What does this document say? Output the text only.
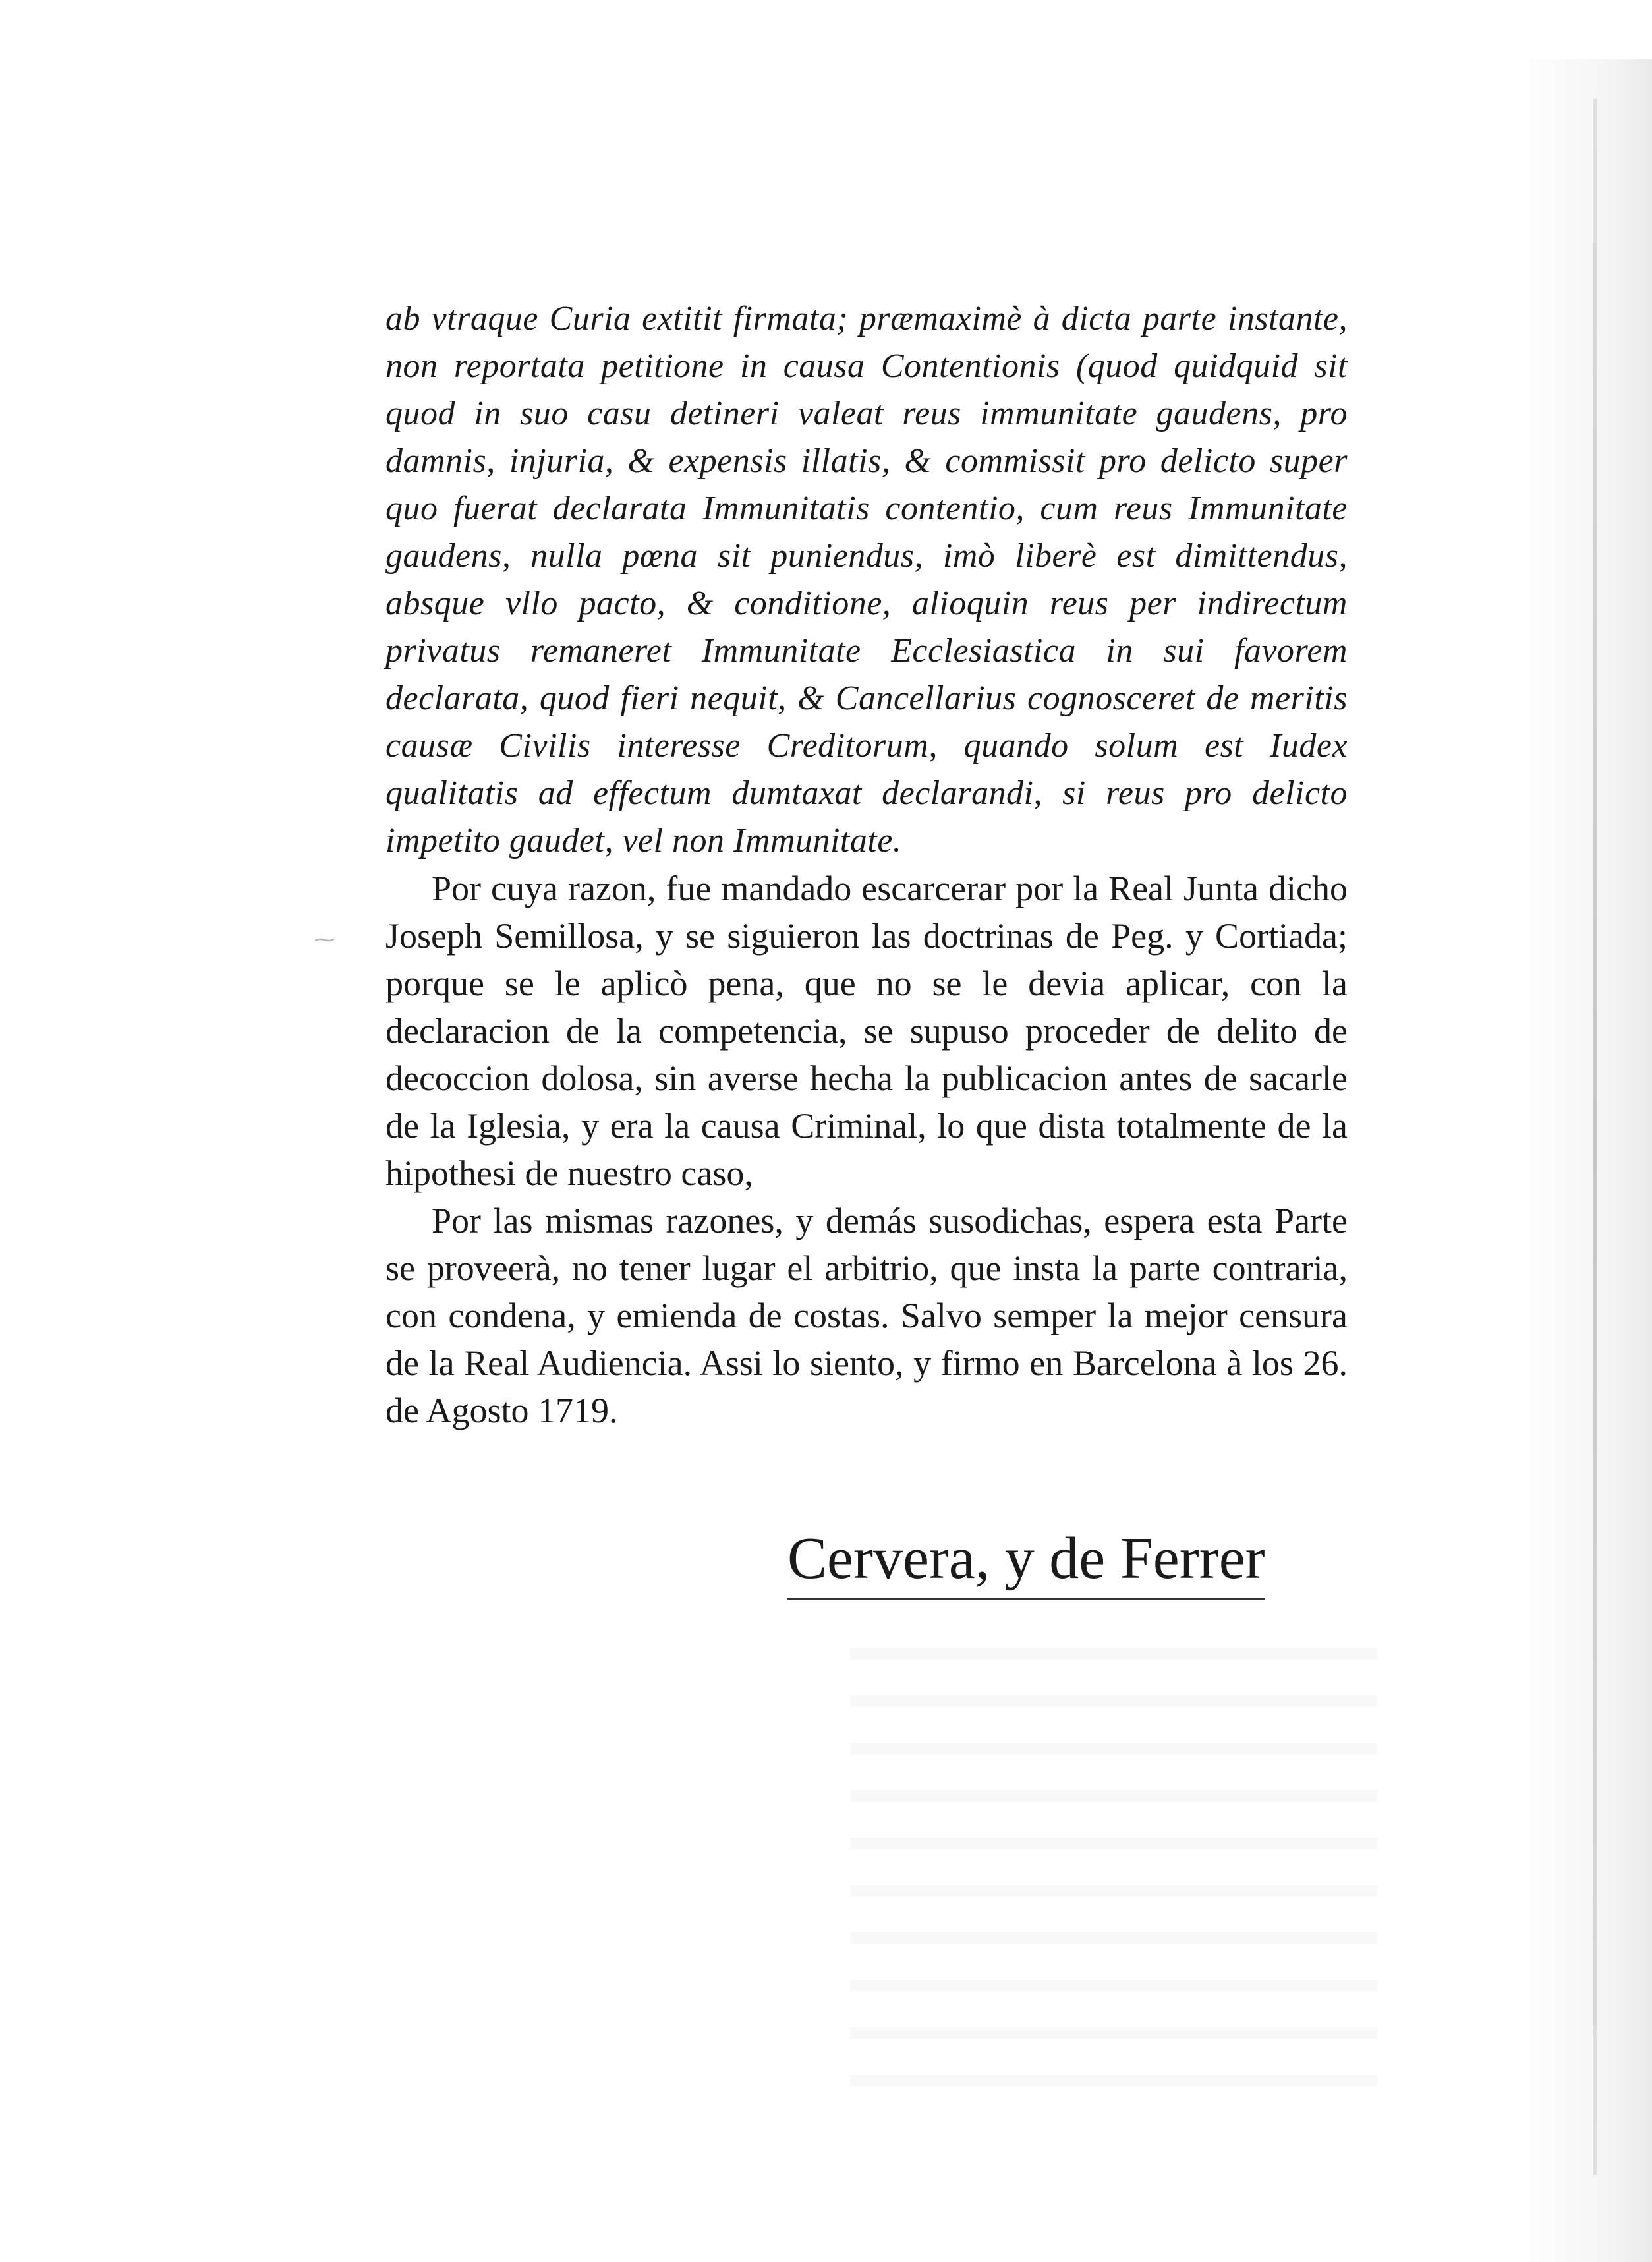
⁓

ab vtraque Curia extitit firmata; præmaximè à dicta parte instante, non reportata petitione in causa Contentionis (quod quidquid sit quod in suo casu detineri valeat reus immunitate gaudens, pro damnis, injuria, & expensis illatis, & commissit pro delicto super quo fuerat declarata Immunitatis contentio, cum reus Immunitate gaudens, nulla pœna sit puniendus, imò liberè est dimittendus, absque vllo pacto, & conditione, alioquin reus per indirectum privatus remaneret Immunitate Ecclesiastica in sui favorem declarata, quod fieri nequit, & Cancellarius cognosceret de meritis causæ Civilis interesse Creditorum, quando solum est Iudex qualitatis ad effectum dumtaxat declarandi, si reus pro delicto impetito gaudet, vel non Immunitate.

Por cuya razon, fue mandado escarcerar por la Real Junta dicho Joseph Semillosa, y se siguieron las doctrinas de Peg. y Cortiada; porque se le aplicò pena, que no se le devia aplicar, con la declaracion de la competencia, se supuso proceder de delito de decoccion dolosa, sin averse hecha la publicacion antes de sacarle de la Iglesia, y era la causa Criminal, lo que dista totalmente de la hipothesi de nuestro caso,

Por las mismas razones, y demás susodichas, espera esta Parte se proveerà, no tener lugar el arbitrio, que insta la parte contraria, con condena, y emienda de costas. Salvo semper la mejor censura de la Real Audiencia. Assi lo siento, y firmo en Barcelona à los 26. de Agosto 1719.

Cervera, y de Ferrer
